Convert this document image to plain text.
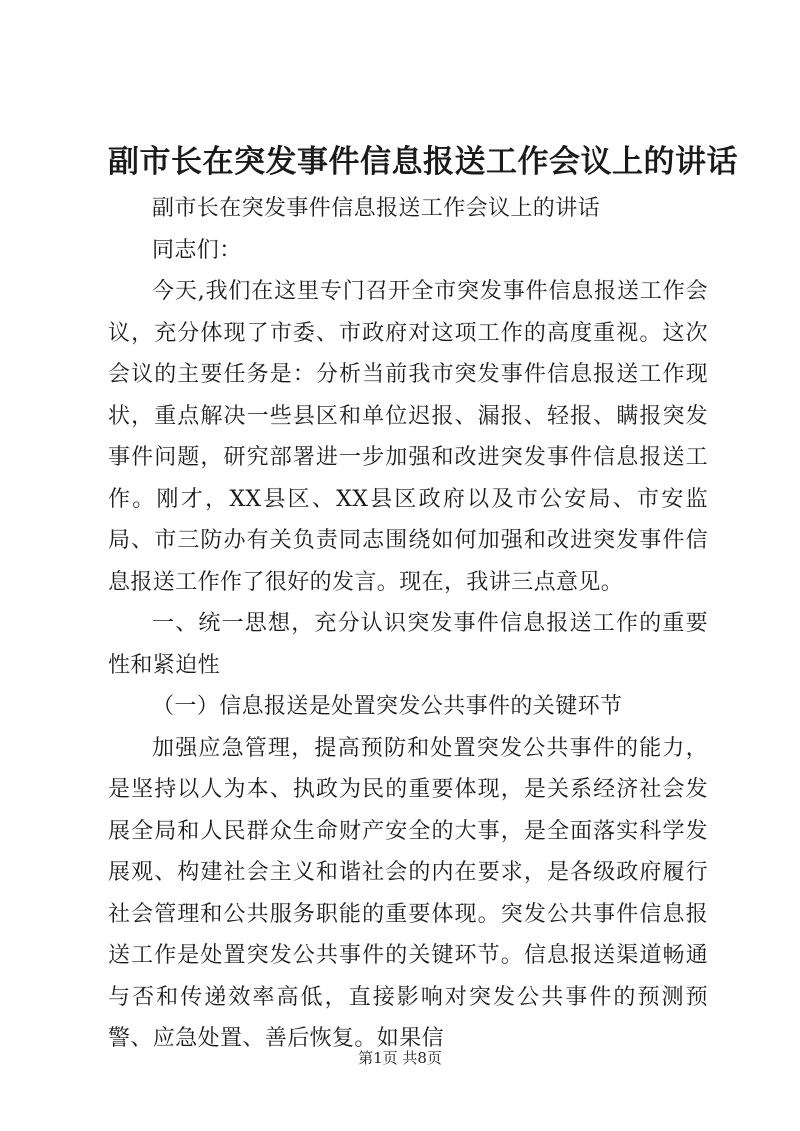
副市长在突发事件信息报送工作会议上的讲话

副市长在突发事件信息报送工作会议上的讲话

同志们：

今天,我们在这里专门召开全市突发事件信息报送工作会议，充分体现了市委、市政府对这项工作的高度重视。这次会议的主要任务是：分析当前我市突发事件信息报送工作现状，重点解决一些县区和单位迟报、漏报、轻报、瞒报突发事件问题，研究部署进一步加强和改进突发事件信息报送工作。刚才，XX县区、XX县区政府以及市公安局、市安监局、市三防办有关负责同志围绕如何加强和改进突发事件信息报送工作作了很好的发言。现在，我讲三点意见。

一、统一思想，充分认识突发事件信息报送工作的重要性和紧迫性

（一）信息报送是处置突发公共事件的关键环节

加强应急管理，提高预防和处置突发公共事件的能力，是坚持以人为本、执政为民的重要体现，是关系经济社会发展全局和人民群众生命财产安全的大事，是全面落实科学发展观、构建社会主义和谐社会的内在要求，是各级政府履行社会管理和公共服务职能的重要体现。突发公共事件信息报送工作是处置突发公共事件的关键环节。信息报送渠道畅通与否和传递效率高低，直接影响对突发公共事件的预测预警、应急处置、善后恢复。如果信

第1页 共8页
